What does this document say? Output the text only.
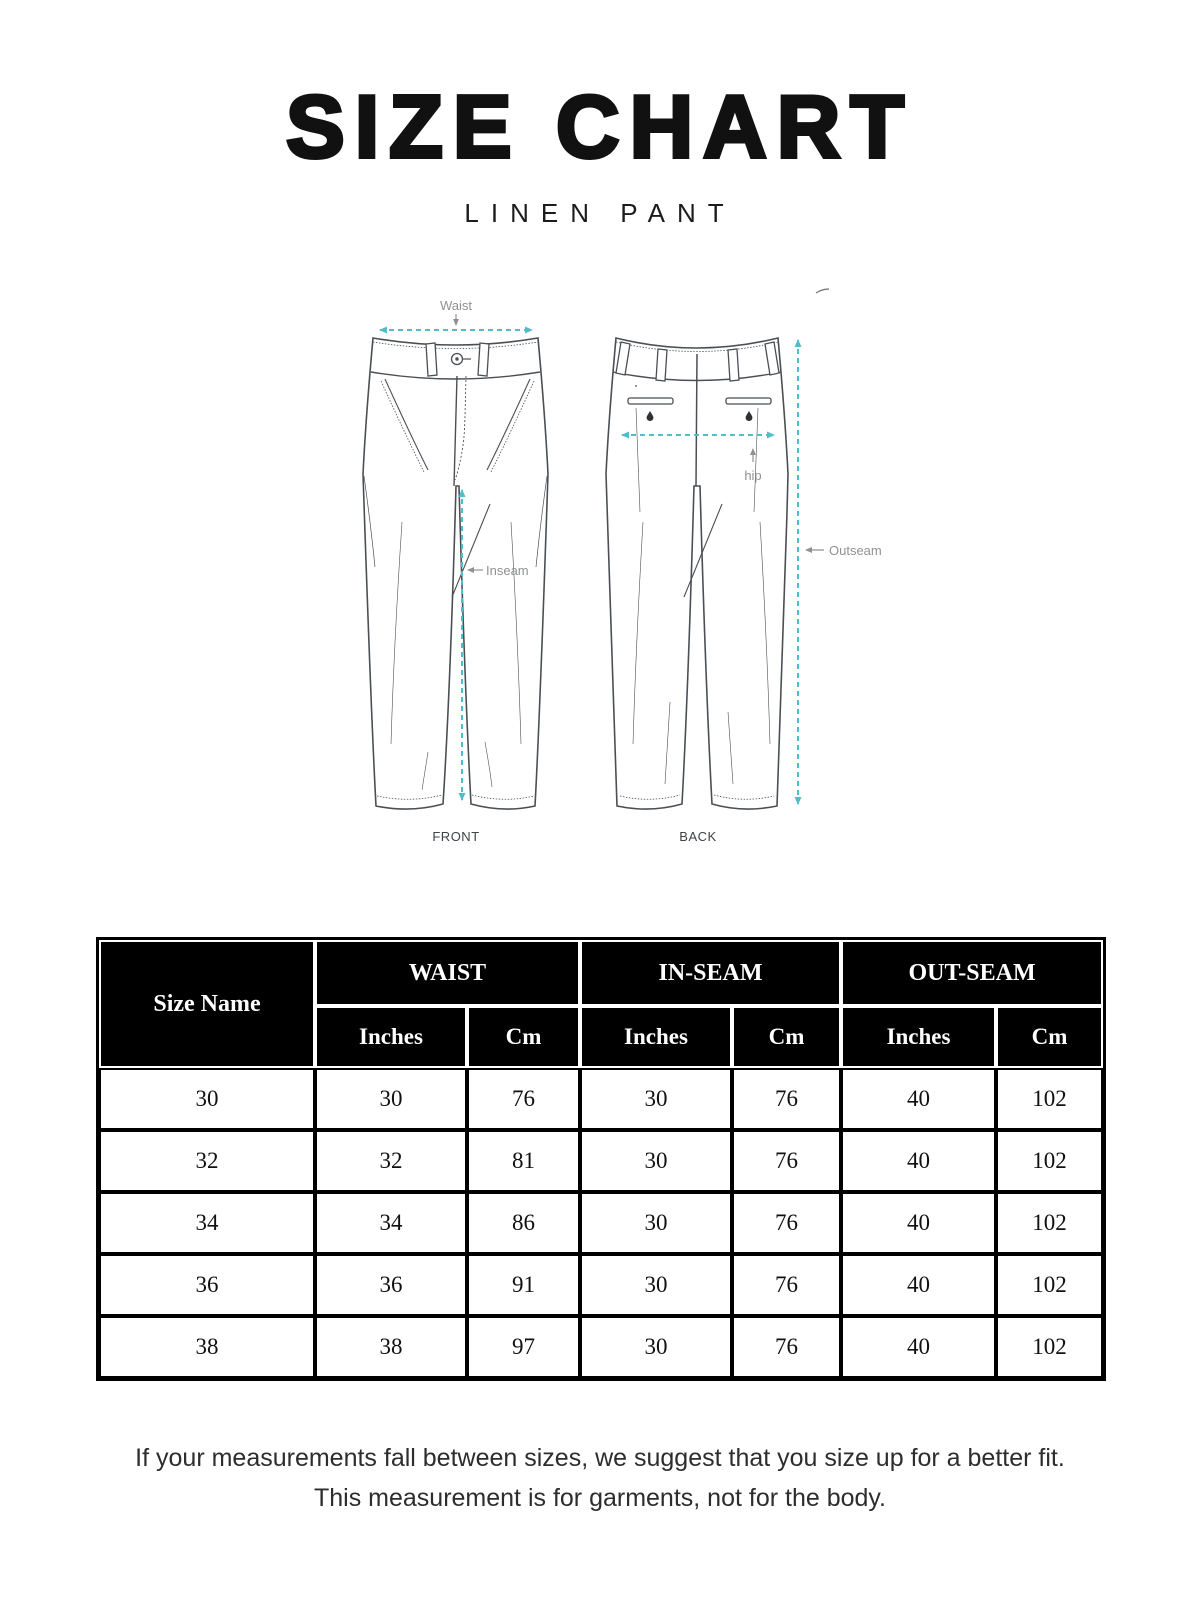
SIZE CHART
LINEN PANT
Waist
Inseam
hip
Outseam
FRONT	BACK
Size Name	WAIST		IN-SEAM		OUT-SEAM	
	Inches	Cm	Inches	Cm	Inches	Cm
30	30	76	30	76	40	102
32	32	81	30	76	40	102
34	34	86	30	76	40	102
36	36	91	30	76	40	102
38	38	97	30	76	40	102
If your measurements fall between sizes, we suggest that you size up for a better fit.
This measurement is for garments, not for the body.
